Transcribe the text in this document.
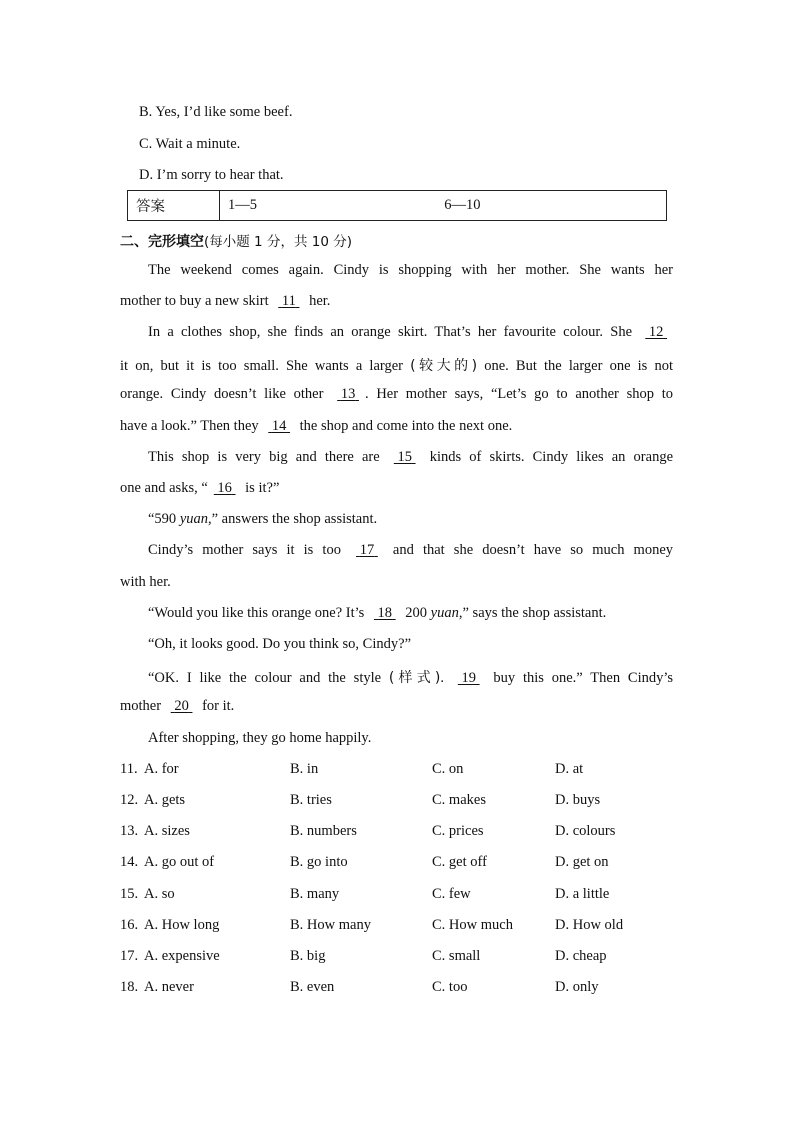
B. Yes, I’d like some beef.
C. Wait a minute.
D. I’m sorry to hear that.
答案	1—5	6—10
二、完形填空(每小题 1 分，共 10 分)
The weekend comes again. Cindy is shopping with her mother. She wants her
mother to buy a new skirt 11 her.
In a clothes shop, she finds an orange skirt. That’s her favourite colour. She 12
it on, but it is too small. She wants a larger (较大的) one. But the larger one is not
orange. Cindy doesn’t like other 13 . Her mother says, “Let’s go to another shop to
have a look.” Then they 14 the shop and come into the next one.
This shop is very big and there are 15 kinds of skirts. Cindy likes an orange
one and asks, “ 16 is it?”
“590 yuan,” answers the shop assistant.
Cindy’s mother says it is too 17 and that she doesn’t have so much money
with her.
“Would you like this orange one? It’s 18 200 yuan,” says the shop assistant.
“Oh, it looks good. Do you think so, Cindy?”
“OK. I like the colour and the style (样式). 19 buy this one.” Then Cindy’s
mother 20 for it.
After shopping, they go home happily.
11. A. for	B. in	C. on	D. at
12. A. gets	B. tries	C. makes	D. buys
13. A. sizes	B. numbers	C. prices	D. colours
14. A. go out of	B. go into	C. get off	D. get on
15. A. so	B. many	C. few	D. a little
16. A. How long	B. How many	C. How much	D. How old
17. A. expensive	B. big	C. small	D. cheap
18. A. never	B. even	C. too	D. only
